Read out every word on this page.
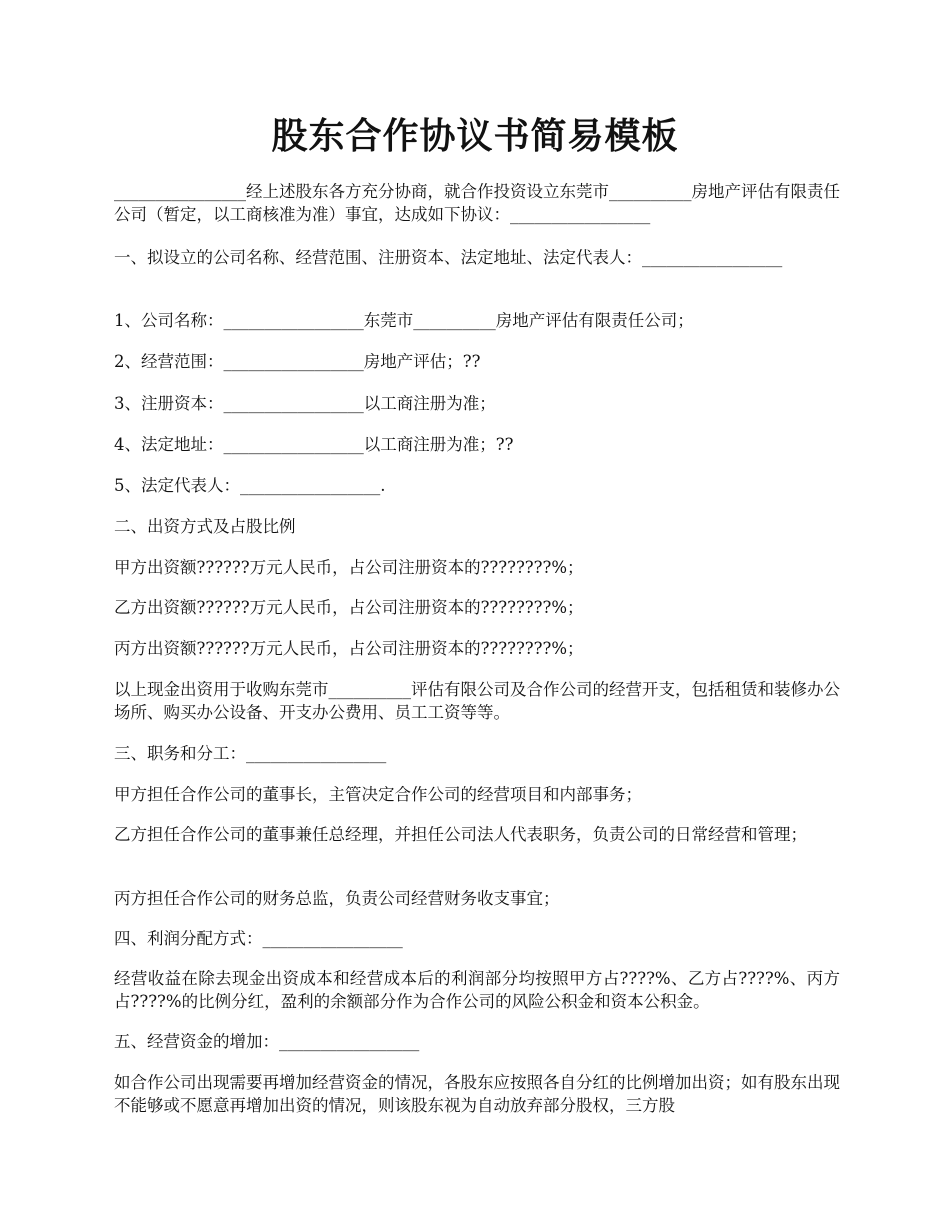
股东合作协议书简易模板

________________经上述股东各方充分协商，就合作投资设立东莞市__________房地产评估有限责任公司（暂定，以工商核准为准）事宜，达成如下协议：_________________

一、拟设立的公司名称、经营范围、注册资本、法定地址、法定代表人：_________________

1、公司名称：_________________东莞市__________房地产评估有限责任公司；

2、经营范围：_________________房地产评估；??

3、注册资本：_________________以工商注册为准；

4、法定地址：_________________以工商注册为准；??

5、法定代表人：_________________.

二、出资方式及占股比例

甲方出资额??????万元人民币，占公司注册资本的????????%；

乙方出资额??????万元人民币，占公司注册资本的????????%；

丙方出资额??????万元人民币，占公司注册资本的????????%；

以上现金出资用于收购东莞市__________评估有限公司及合作公司的经营开支，包括租赁和装修办公场所、购买办公设备、开支办公费用、员工工资等等。

三、职务和分工：_________________

甲方担任合作公司的董事长，主管决定合作公司的经营项目和内部事务；

乙方担任合作公司的董事兼任总经理，并担任公司法人代表职务，负责公司的日常经营和管理；

丙方担任合作公司的财务总监，负责公司经营财务收支事宜；

四、利润分配方式：_________________

经营收益在除去现金出资成本和经营成本后的利润部分均按照甲方占????%、乙方占????%、丙方占????%的比例分红，盈利的余额部分作为合作公司的风险公积金和资本公积金。

五、经营资金的增加：_________________

如合作公司出现需要再增加经营资金的情况，各股东应按照各自分红的比例增加出资；如有股东出现不能够或不愿意再增加出资的情况，则该股东视为自动放弃部分股权，三方股
